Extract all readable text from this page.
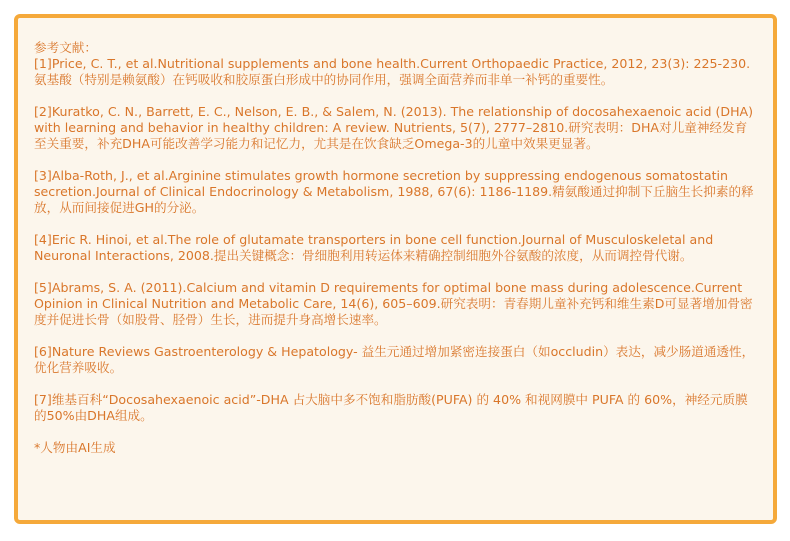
参考文献：
[1]Price, C. T., et al.Nutritional supplements and bone health.Current Orthopaedic Practice, 2012, 23(3): 225-230.氨基酸（特别是赖氨酸）在钙吸收和胶原蛋白形成中的协同作用，强调全面营养而非单一补钙的重要性。
[2]Kuratko, C. N., Barrett, E. C., Nelson, E. B., & Salem, N. (2013). The relationship of docosahexaenoic acid (DHA) with learning and behavior in healthy children: A review. Nutrients, 5(7), 2777–2810.研究表明：DHA对儿童神经发育至关重要，补充DHA可能改善学习能力和记忆力，尤其是在饮食缺乏Omega-3的儿童中效果更显著。
[3]Alba-Roth, J., et al.Arginine stimulates growth hormone secretion by suppressing endogenous somatostatin secretion.Journal of Clinical Endocrinology & Metabolism, 1988, 67(6): 1186-1189.精氨酸通过抑制下丘脑生长抑素的释放，从而间接促进GH的分泌。
[4]Eric R. Hinoi, et al.The role of glutamate transporters in bone cell function.Journal of Musculoskeletal and Neuronal Interactions, 2008.提出关键概念：骨细胞利用转运体来精确控制细胞外谷氨酸的浓度，从而调控骨代谢。
[5]Abrams, S. A. (2011).Calcium and vitamin D requirements for optimal bone mass during adolescence.Current Opinion in Clinical Nutrition and Metabolic Care, 14(6), 605–609.研究表明：青春期儿童补充钙和维生素D可显著增加骨密度并促进长骨（如股骨、胫骨）生长，进而提升身高增长速率。
[6]Nature Reviews Gastroenterology & Hepatology- 益生元通过增加紧密连接蛋白（如occludin）表达，减少肠道通透性，优化营养吸收。
[7]维基百科“Docosahexaenoic acid”-DHA 占大脑中多不饱和脂肪酸(PUFA) 的 40% 和视网膜中 PUFA 的 60%，神经元质膜的50%由DHA组成。
*人物由AI生成
